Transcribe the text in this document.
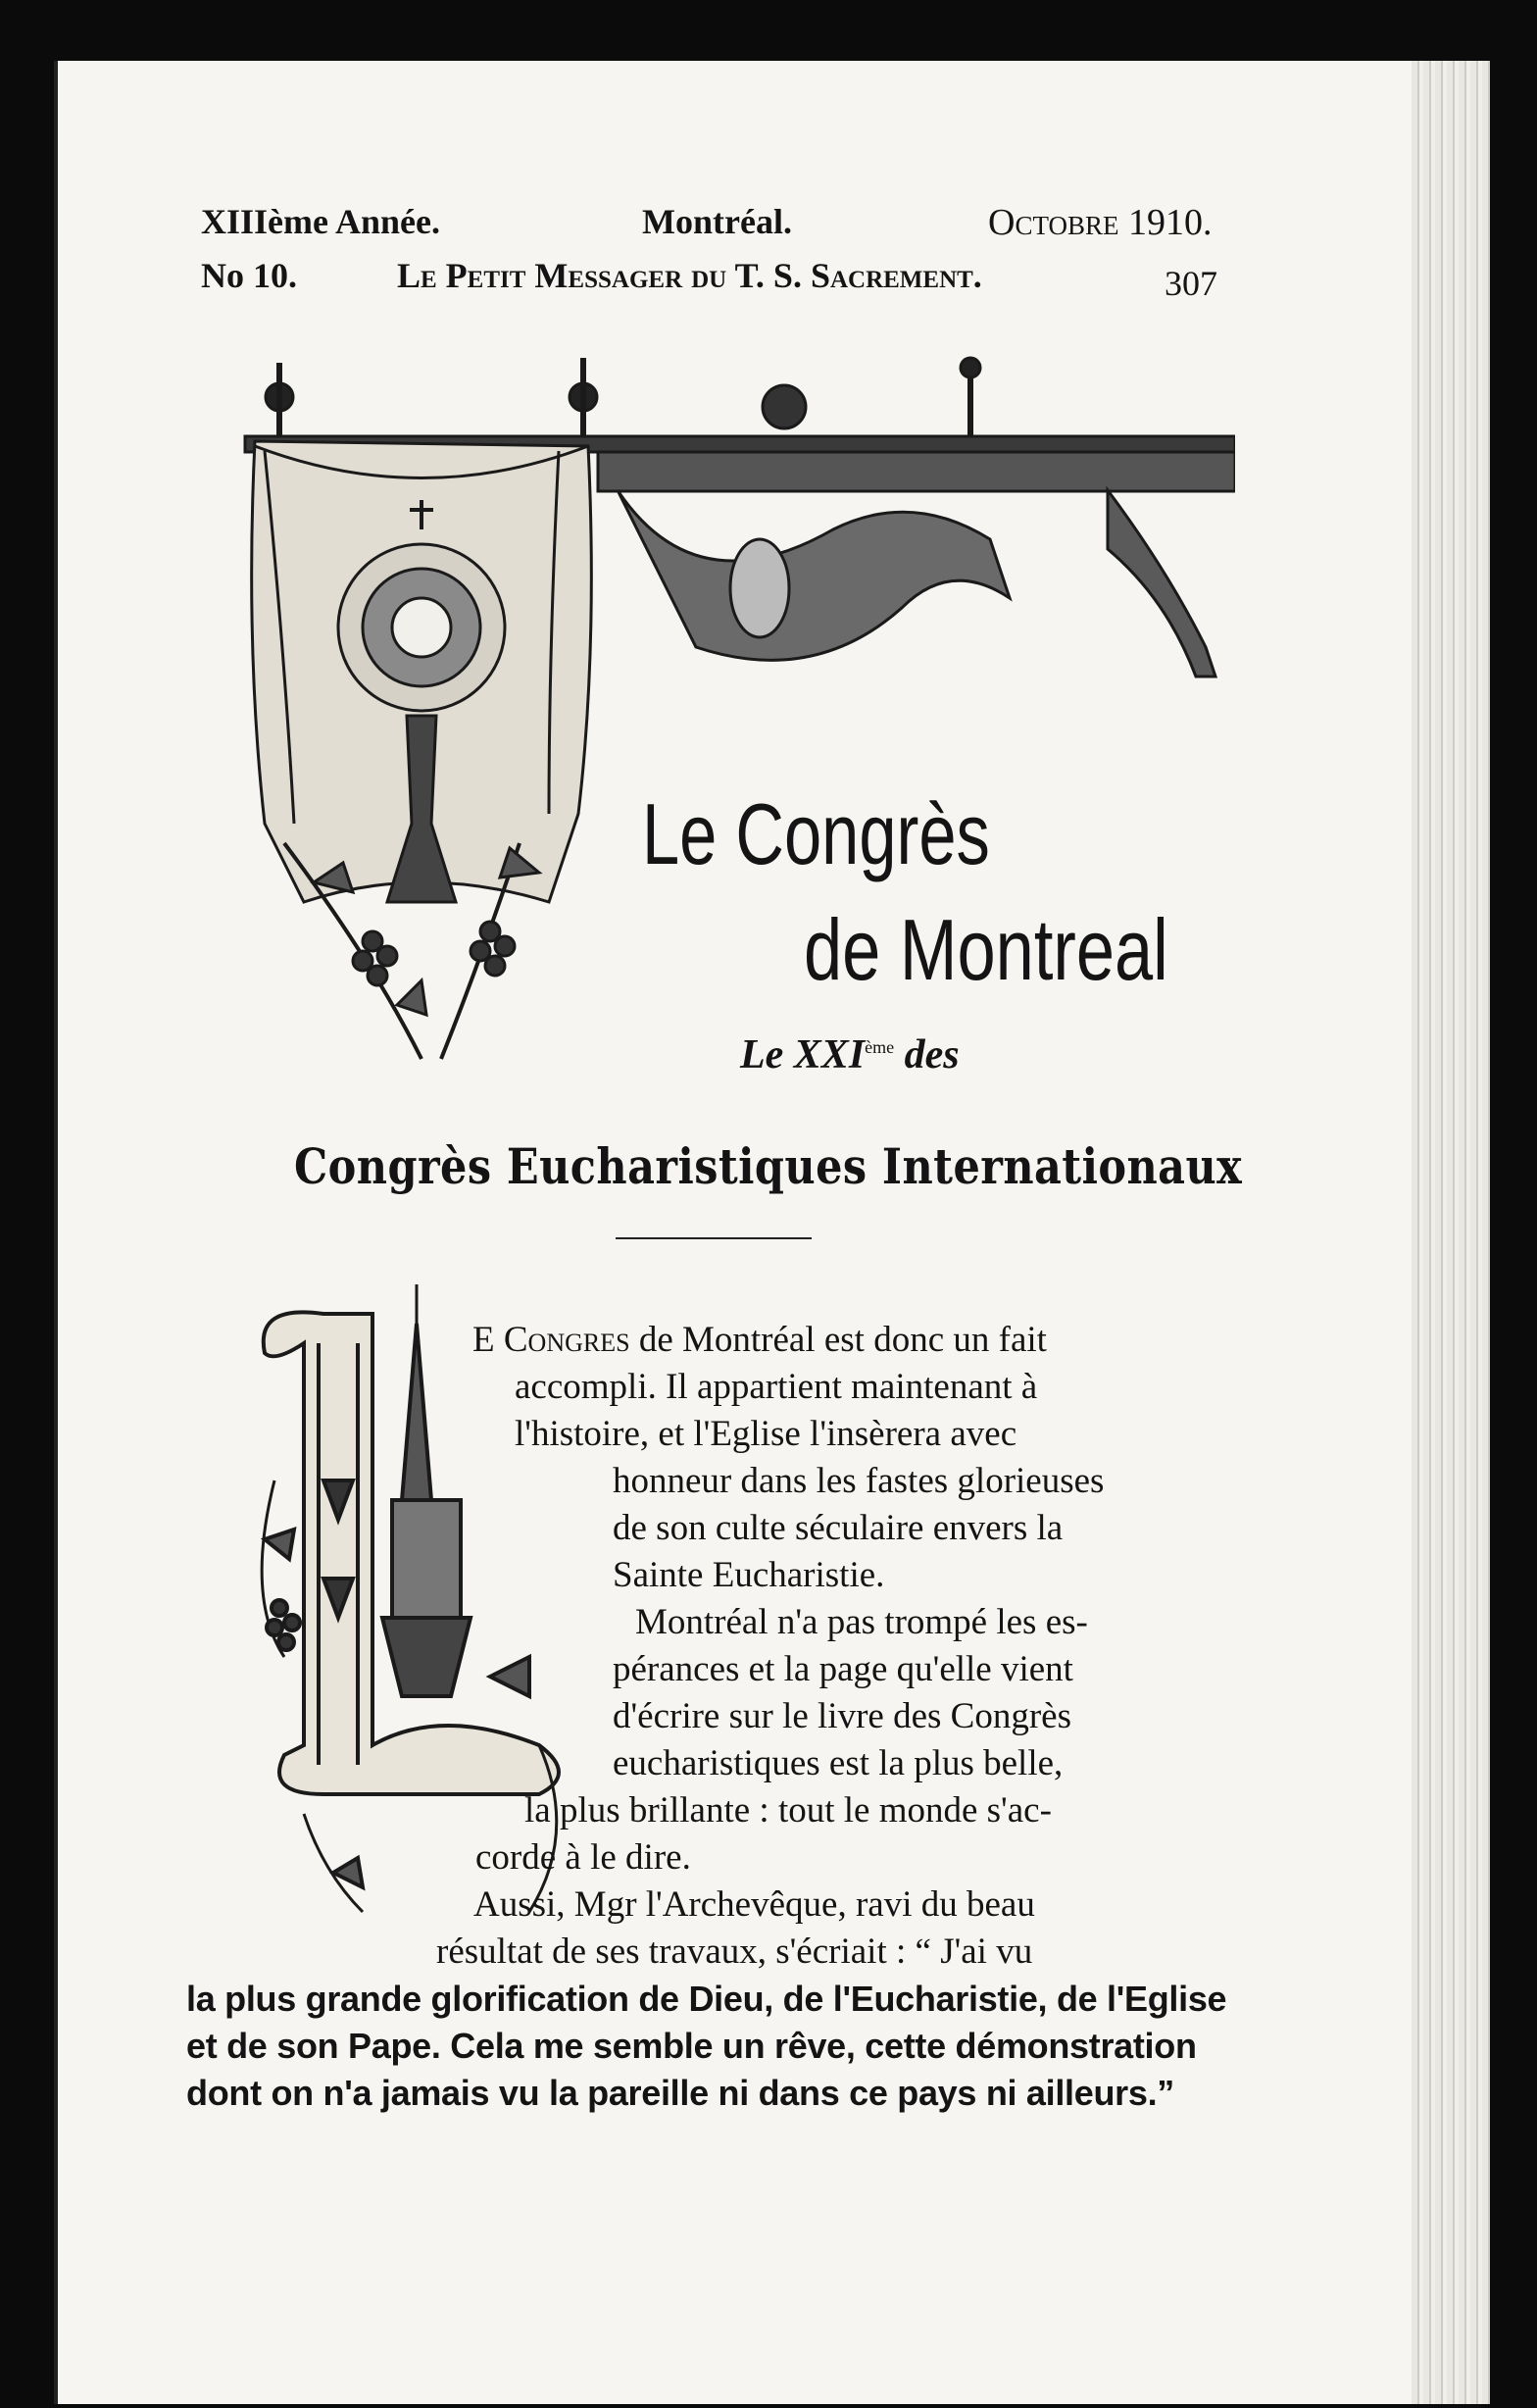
XIIIème Année.	Montréal.	Octobre 1910.
No 10.	Le Petit Messager du T. S. Sacrement.	307
Le Congrès
de Montreal
Le XXIème des
Congrès Eucharistiques Internationaux
L
E Congres de Montréal est donc un fait
accompli. Il appartient maintenant à
l'histoire, et l'Eglise l'insèrera avec
honneur dans les fastes glorieuses
de son culte séculaire envers la
Sainte Eucharistie.
Montréal n'a pas trompé les es-
pérances et la page qu'elle vient
d'écrire sur le livre des Congrès
eucharistiques est la plus belle,
la plus brillante : tout le monde s'ac-
corde à le dire.
Aussi, Mgr l'Archevêque, ravi du beau
résultat de ses travaux, s'écriait : “ J'ai vu
la plus grande glorification de Dieu, de l'Eucharistie, de l'Eglise
et de son Pape. Cela me semble un rêve, cette démonstration
dont on n'a jamais vu la pareille ni dans ce pays ni ailleurs.”
